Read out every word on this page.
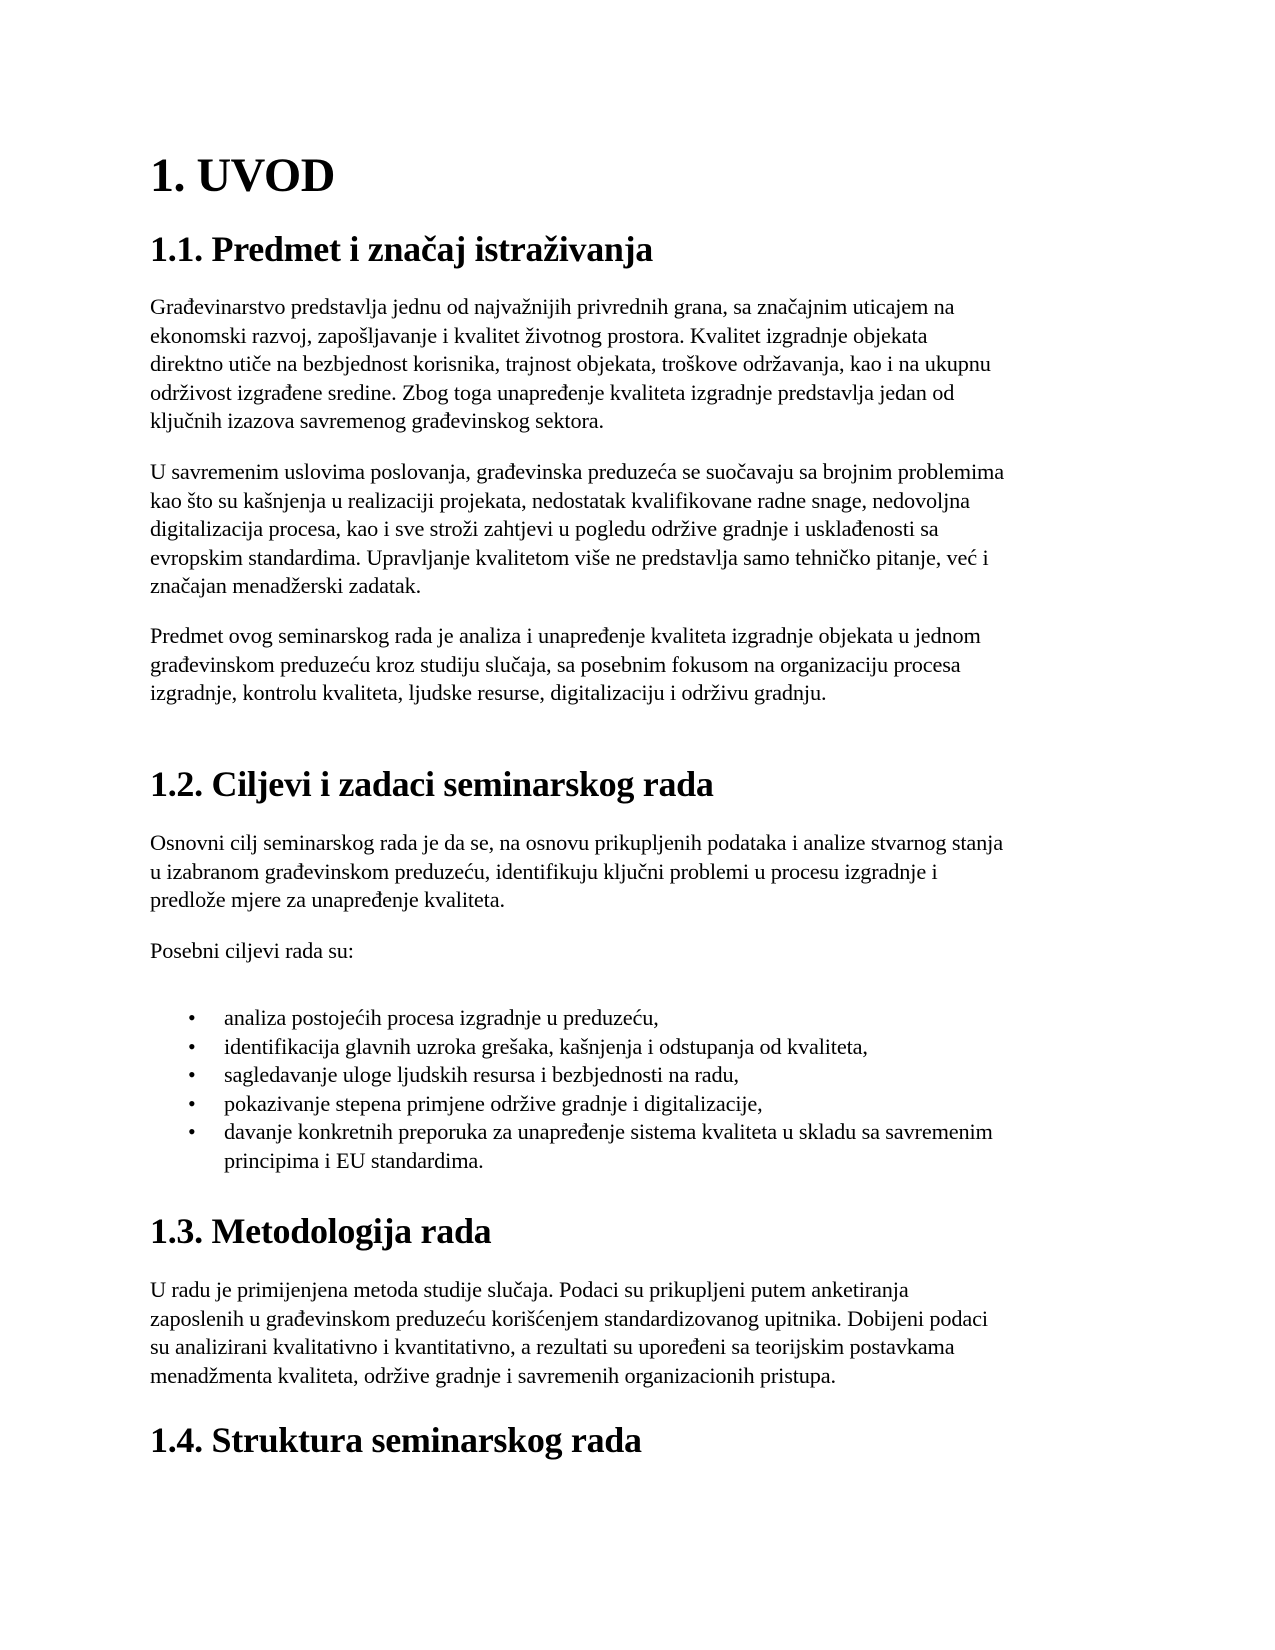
1. UVOD
1.1. Predmet i značaj istraživanja
Građevinarstvo predstavlja jednu od najvažnijih privrednih grana, sa značajnim uticajem na
ekonomski razvoj, zapošljavanje i kvalitet životnog prostora. Kvalitet izgradnje objekata
direktno utiče na bezbjednost korisnika, trajnost objekata, troškove održavanja, kao i na ukupnu
održivost izgrađene sredine. Zbog toga unapređenje kvaliteta izgradnje predstavlja jedan od
ključnih izazova savremenog građevinskog sektora.
U savremenim uslovima poslovanja, građevinska preduzeća se suočavaju sa brojnim problemima
kao što su kašnjenja u realizaciji projekata, nedostatak kvalifikovane radne snage, nedovoljna
digitalizacija procesa, kao i sve stroži zahtjevi u pogledu održive gradnje i usklađenosti sa
evropskim standardima. Upravljanje kvalitetom više ne predstavlja samo tehničko pitanje, već i
značajan menadžerski zadatak.
Predmet ovog seminarskog rada je analiza i unapređenje kvaliteta izgradnje objekata u jednom
građevinskom preduzeću kroz studiju slučaja, sa posebnim fokusom na organizaciju procesa
izgradnje, kontrolu kvaliteta, ljudske resurse, digitalizaciju i održivu gradnju.
1.2. Ciljevi i zadaci seminarskog rada
Osnovni cilj seminarskog rada je da se, na osnovu prikupljenih podataka i analize stvarnog stanja
u izabranom građevinskom preduzeću, identifikuju ključni problemi u procesu izgradnje i
predlože mjere za unapređenje kvaliteta.
Posebni ciljevi rada su:
• analiza postojećih procesa izgradnje u preduzeću,
• identifikacija glavnih uzroka grešaka, kašnjenja i odstupanja od kvaliteta,
• sagledavanje uloge ljudskih resursa i bezbjednosti na radu,
• pokazivanje stepena primjene održive gradnje i digitalizacije,
• davanje konkretnih preporuka za unapređenje sistema kvaliteta u skladu sa savremenim
principima i EU standardima.
1.3. Metodologija rada
U radu je primijenjena metoda studije slučaja. Podaci su prikupljeni putem anketiranja
zaposlenih u građevinskom preduzeću korišćenjem standardizovanog upitnika. Dobijeni podaci
su analizirani kvalitativno i kvantitativno, a rezultati su upoređeni sa teorijskim postavkama
menadžmenta kvaliteta, održive gradnje i savremenih organizacionih pristupa.
1.4. Struktura seminarskog rada
